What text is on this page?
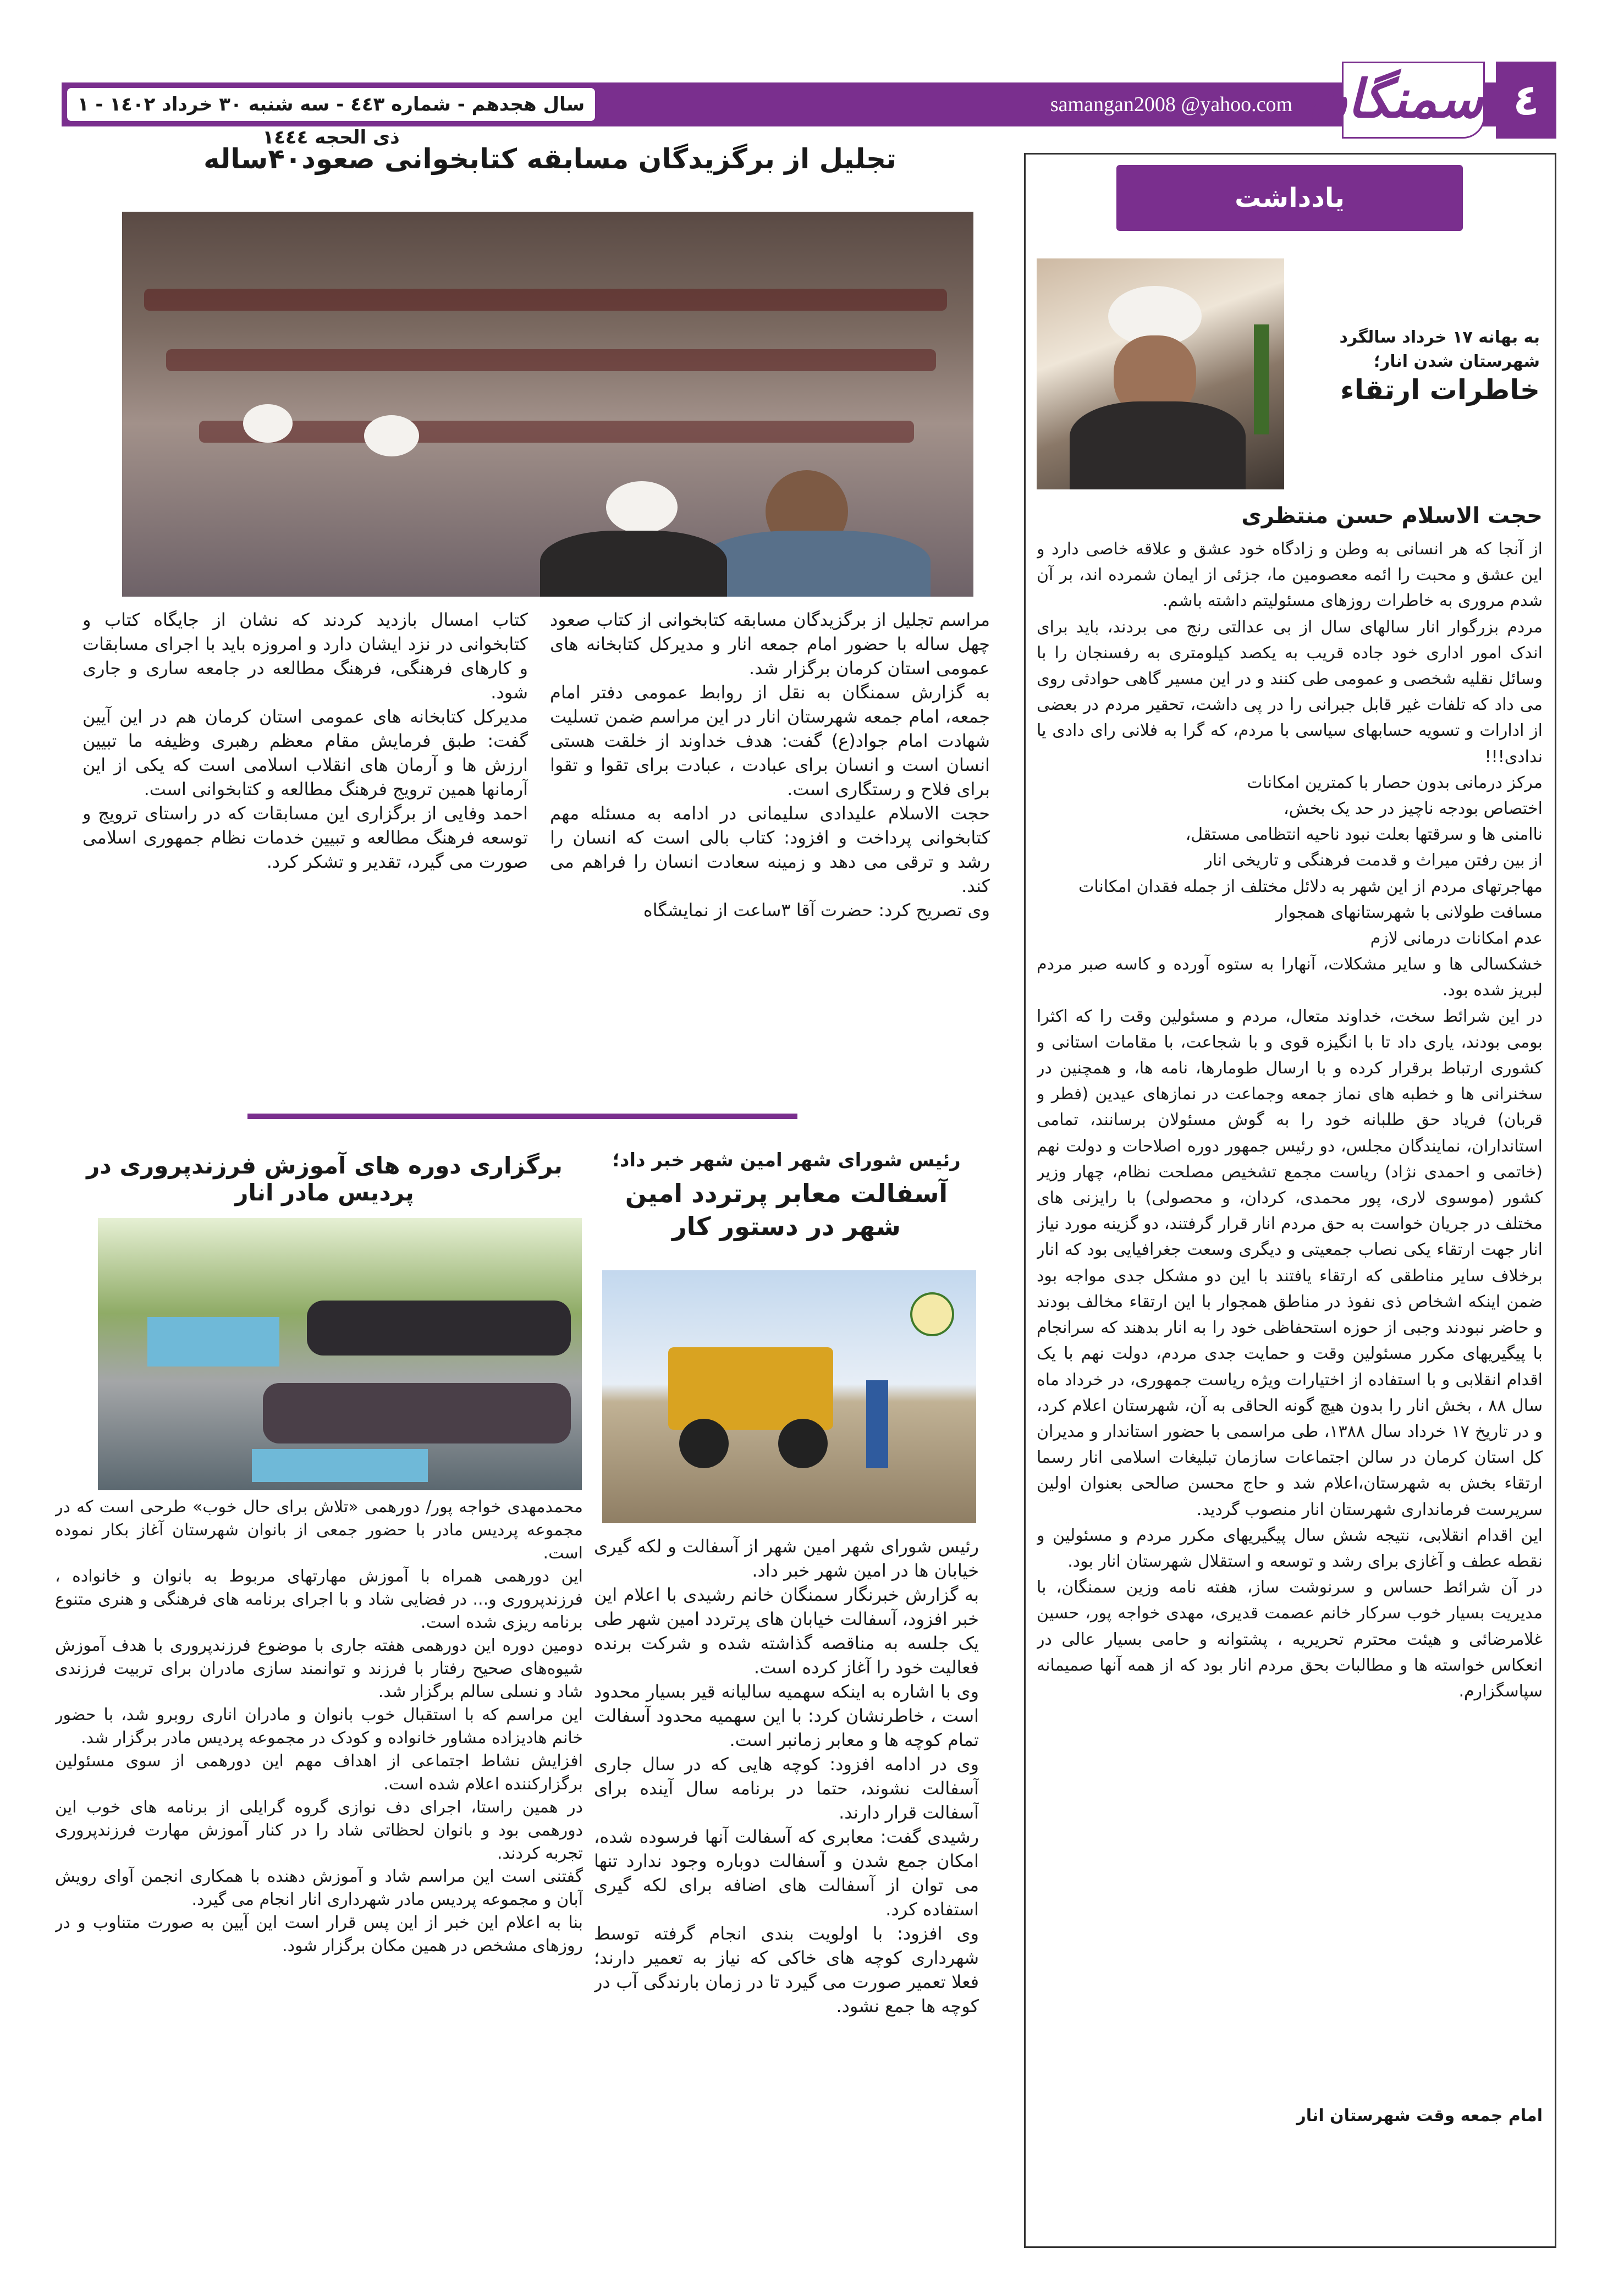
سال هجدهم - شماره ٤٤٣ - سه شنبه ٣٠ خرداد ١٤٠٢ - ١ ذی الحجه ١٤٤٤
samangan2008 @yahoo.com سمنگان ٤
یادداشت
به بهانه ۱۷ خرداد سالگرد شهرستان شدن انار؛
خاطرات ارتقاء
حجت الاسلام حسن منتظری

از آنجا که هر انسانی به وطن و زادگاه خود عشق و علاقه خاصی دارد و این عشق و محبت را ائمه معصومین ما، جزئی از ایمان شمرده اند، بر آن شدم مروری به خاطرات روزهای مسئولیتم داشته باشم.

مردم بزرگوار انار سالهای سال از بی عدالتی رنج می بردند، باید برای اندک امور اداری خود جاده قریب به یکصد کیلومتری به رفسنجان را با وسائل نقلیه شخصی و عمومی طی کنند و در این مسیر گاهی حوادثی روی می داد که تلفات غیر قابل جبرانی را در پی داشت، تحقیر مردم در بعضی از ادارات و تسویه حسابهای سیاسی با مردم، که گرا به فلانی رای دادی یا ندادی!!!

مرکز درمانی بدون حصار با کمترین امکانات
اختصاص بودجه ناچیز در حد یک بخش،
ناامنی ها و سرقتها بعلت نبود ناحیه انتظامی مستقل،
از بین رفتن میراث و قدمت فرهنگی و تاریخی انار
مهاجرتهای مردم از این شهر به دلائل مختلف از جمله فقدان امکانات
مسافت طولانی با شهرستانهای همجوار
عدم امکانات درمانی لازم

خشکسالی ها و سایر مشکلات، آنهارا به ستوه آورده و کاسه صبر مردم لبریز شده بود.

در این شرائط سخت، خداوند متعال، مردم و مسئولین وقت را که اکثرا بومی بودند، یاری داد تا با انگیزه قوی و با شجاعت، با مقامات استانی و کشوری ارتباط برقرار کرده و با ارسال طومارها، نامه ها، و همچنین در سخنرانی ها و خطبه های نماز جمعه وجماعت در نمازهای عیدین (فطر و قربان) فریاد حق طلبانه خود را به گوش مسئولان برسانند، تمامی استانداران، نمایندگان مجلس، دو رئیس جمهور دوره اصلاحات و دولت نهم (خاتمی و احمدی نژاد) ریاست مجمع تشخیص مصلحت نظام، چهار وزیر کشور (موسوی لاری، پور محمدی، کردان، و محصولی) با رایزنی های مختلف در جریان خواست به حق مردم انار قرار گرفتند، دو گزینه مورد نیاز انار جهت ارتقاء یکی نصاب جمعیتی و دیگری وسعت جغرافیایی بود که انار برخلاف سایر مناطقی که ارتقاء یافتند با این دو مشکل جدی مواجه بود ضمن اینکه اشخاص ذی نفوذ در مناطق همجوار با این ارتقاء مخالف بودند و حاضر نبودند وجبی از حوزه استحفاظی خود را به انار بدهند که سرانجام با پیگیریهای مکرر مسئولین وقت و حمایت جدی مردم، دولت نهم با یک اقدام انقلابی و با استفاده از اختیارات ویژه ریاست جمهوری، در خرداد ماه سال ۸۸ ، بخش انار را بدون هیچ گونه الحاقی به آن، شهرستان اعلام کرد، و در تاریخ ۱۷ خرداد سال ۱۳۸۸، طی مراسمی با حضور استاندار و مدیران کل استان کرمان در سالن اجتماعات سازمان تبلیغات اسلامی انار رسما ارتقاء بخش به شهرستان،اعلام شد و حاج محسن صالحی بعنوان اولین سرپرست فرمانداری شهرستان انار منصوب گردید.

این اقدام انقلابی، نتیجه شش سال پیگیریهای مکرر مردم و مسئولین و نقطه عطف و آغازی برای رشد و توسعه و استقلال شهرستان انار بود.

در آن شرائط حساس و سرنوشت ساز، هفته نامه وزین سمنگان، با مدیریت بسیار خوب سرکار خانم عصمت قدیری، مهدی خواجه پور، حسین غلامرضائی و هیئت محترم تحریریه ، پشتوانه و حامی بسیار عالی در انعکاس خواسته ها و مطالبات بحق مردم انار بود که از همه آنها صمیمانه سپاسگزارم.

امام جمعه وقت شهرستان انار
تجلیل از برگزیدگان مسابقه کتابخوانی صعود۴۰ساله

مراسم تجلیل از برگزیدگان مسابقه کتابخوانی از کتاب صعود چهل ساله با حضور امام جمعه انار و مدیرکل کتابخانه های عمومی استان کرمان برگزار شد.

به گزارش سمنگان به نقل از روابط عمومی دفتر امام جمعه، امام جمعه شهرستان انار در این مراسم ضمن تسلیت شهادت امام جواد(ع) گفت: هدف خداوند از خلقت هستی انسان است و انسان برای عبادت ، عبادت برای تقوا و تقوا برای فلاح و رستگاری است.

حجت الاسلام علیدادی سلیمانی در ادامه به مسئله مهم کتابخوانی پرداخت و افزود: کتاب بالی است که انسان را رشد و ترقی می دهد و زمینه سعادت انسان را فراهم می کند.

وی تصریح کرد: حضرت آقا ۳ساعت از نمایشگاه

کتاب امسال بازدید کردند که نشان از جایگاه کتاب و کتابخوانی در نزد ایشان دارد و امروزه باید با اجرای مسابقات و کارهای فرهنگی، فرهنگ مطالعه در جامعه ساری و جاری شود.

مدیرکل کتابخانه های عمومی استان کرمان هم در این آیین گفت: طبق فرمایش مقام معظم رهبری وظیفه ما تبیین ارزش ها و آرمان های انقلاب اسلامی است که یکی از این آرمانها همین ترویج فرهنگ مطالعه و کتابخوانی است.

احمد وفایی از برگزاری این مسابقات که در راستای ترویج و توسعه فرهنگ مطالعه و تبیین خدمات نظام جمهوری اسلامی صورت می گیرد، تقدیر و تشکر کرد.

رئیس شورای شهر امین شهر خبر داد؛
آسفالت معابر پرتردد امین شهر در دستور کار

رئیس شورای شهر امین شهر از آسفالت و لکه گیری خیابان ها در امین شهر خبر داد.

به گزارش خبرنگار سمنگان خانم رشیدی با اعلام این خبر افزود، آسفالت خیابان های پرتردد امین شهر طی یک جلسه به مناقصه گذاشته شده و شرکت برنده فعالیت خود را آغاز کرده است.

وی با اشاره به اینکه سهمیه سالیانه قیر بسیار محدود است ، خاطرنشان کرد: با این سهمیه محدود آسفالت تمام کوچه ها و معابر زمانبر است.

وی در ادامه افزود: کوچه هایی که در سال جاری آسفالت نشوند، حتما در برنامه سال آینده برای آسفالت قرار دارند.

رشیدی گفت: معابری که آسفالت آنها فرسوده شده، امکان جمع شدن و آسفالت دوباره وجود ندارد تنها می توان از آسفالت های اضافه برای لکه گیری استفاده کرد.

وی افزود: با اولویت بندی انجام گرفته توسط شهرداری کوچه های خاکی که نیاز به تعمیر دارند؛ فعلا تعمیر صورت می گیرد تا در زمان بارندگی آب در کوچه ها جمع نشود.

برگزاری دوره های آموزش فرزندپروری در پردیس مادر انار

محمدمهدی خواجه پور/ دورهمی «تلاش برای حال خوب» طرحی است که در مجموعه پردیس مادر با حضور جمعی از بانوان شهرستان آغاز بکار نموده است.

این دورهمی همراه با آموزش مهارتهای مربوط به بانوان و خانواده ، فرزندپروری و... در فضایی شاد و با اجرای برنامه های فرهنگی و هنری متنوع برنامه ریزی شده است.

دومین دوره این دورهمی هفته جاری با موضوع فرزندپروری با هدف آموزش شیوه‌های صحیح رفتار با فرزند و توانمند سازی مادران برای تربیت فرزندی شاد و نسلی سالم برگزار شد.

این مراسم که با استقبال خوب بانوان و مادران اناری روبرو شد، با حضور خانم هادیزاده مشاور خانواده و کودک در مجموعه پردیس مادر برگزار شد.

افزایش نشاط اجتماعی از اهداف مهم این دورهمی از سوی مسئولین برگزارکننده اعلام شده است.

در همین راستا، اجرای دف نوازی گروه گرایلی از برنامه های خوب این دورهمی بود و بانوان لحظاتی شاد را در کنار آموزش مهارت فرزندپروری تجربه کردند.

گفتنی است این مراسم شاد و آموزش دهنده با همکاری انجمن آوای رویش آبان و مجموعه پردیس مادر شهرداری انار انجام می گیرد.

بنا به اعلام این خبر از این پس قرار است این آیین به صورت متناوب و در روزهای مشخص در همین مکان برگزار شود.
